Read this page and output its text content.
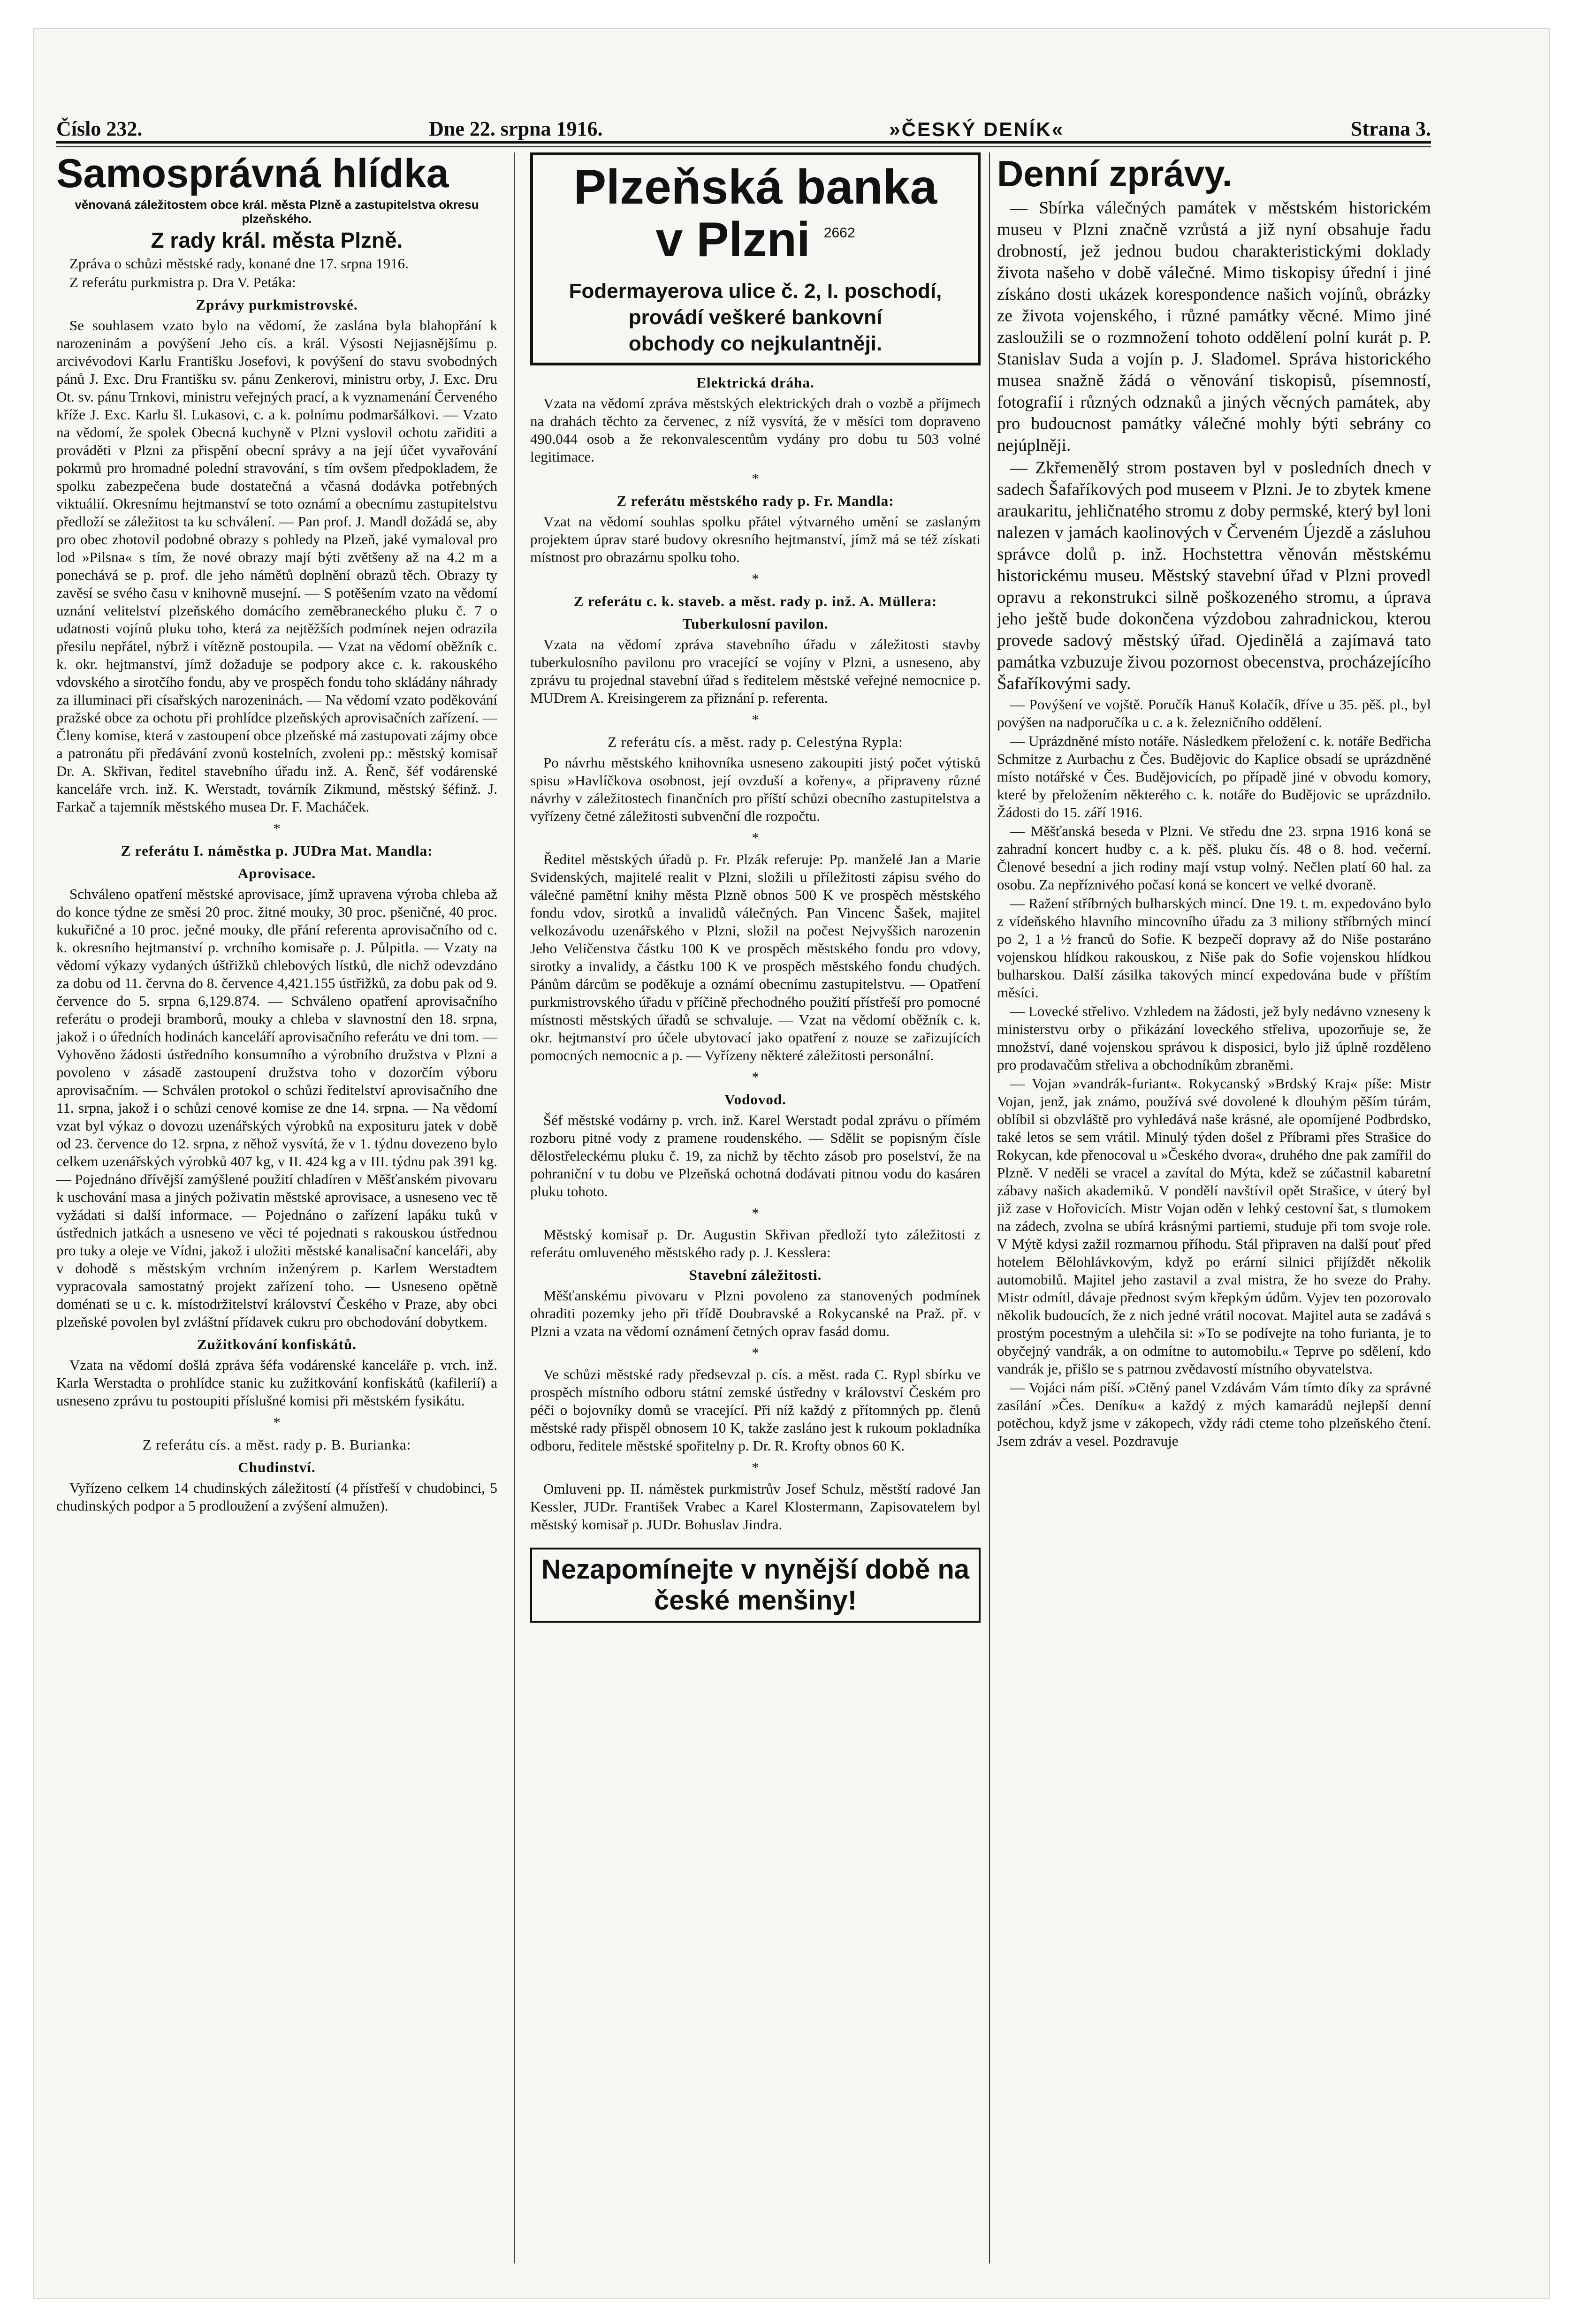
Číslo 232.	Dne 22. srpna 1916.	»ČESKÝ DENÍK«	Strana 3.
Samosprávná hlídka
věnovaná záležitostem obce král. města Plzně a zastupitelstva okresu plzeňského.
Z rady král. města Plzně.

Zpráva o schůzi městské rady, konané dne 17. srpna 1916.

Z referátu purkmistra p. Dra V. Petáka:

Zprávy purkmistrovské.

Se souhlasem vzato bylo na vědomí, že zaslána byla blahopřání k narozeninám a povýšení Jeho cís. a král. Výsosti Nejjasnějšímu p. arcivévodovi Karlu Františku Josefovi, k povýšení do stavu svobodných pánů J. Exc. Dru Františku sv. pánu Zenkerovi, ministru orby, J. Exc. Dru Ot. sv. pánu Trnkovi, ministru veřejných prací, a k vyznamenání Červeného kříže J. Exc. Karlu šl. Lukasovi, c. a k. polnímu podmaršálkovi. — Vzato na vědomí, že spolek Obecná kuchyně v Plzni vyslovil ochotu zařiditi a prováděti v Plzni za přispění obecní správy a na její účet vyvařování pokrmů pro hromadné polední stravování, s tím ovšem předpokladem, že spolku zabezpečena bude dostatečná a včasná dodávka potřebných viktuálií. Okresnímu hejtmanství se toto oznámí a obecnímu zastupitelstvu předloží se záležitost ta ku schválení. — Pan prof. J. Mandl dožádá se, aby pro obec zhotovil podobné obrazy s pohledy na Plzeň, jaké vymaloval pro lod »Pilsna« s tím, že nové obrazy mají býti zvětšeny až na 4.2 m a ponechává se p. prof. dle jeho námětů doplnění obrazů těch. Obrazy ty zavěsí se svého času v knihovně musejní. — S potěšením vzato na vědomí uznání velitelství plzeňského domácího zeměbraneckého pluku č. 7 o udatnosti vojínů pluku toho, která za nejtěžších podmínek nejen odrazila přesilu nepřátel, nýbrž i vítězně postoupila. — Vzat na vědomí oběžník c. k. okr. hejtmanství, jímž dožaduje se podpory akce c. k. rakouského vdovského a sirotčího fondu, aby ve prospěch fondu toho skládány náhrady za illuminaci při císařských narozeninách. — Na vědomí vzato poděkování pražské obce za ochotu při prohlídce plzeňských aprovisačních zařízení. — Členy komise, která v zastoupení obce plzeňské má zastupovati zájmy obce a patronátu při předávání zvonů kostelních, zvoleni pp.: městský komisař Dr. A. Skřivan, ředitel stavebního úřadu inž. A. Řenč, šéf vodárenské kanceláře vrch. inž. K. Werstadt, továrník Zikmund, městský šéfinž. J. Farkač a tajemník městského musea Dr. F. Macháček.

*
Z referátu I. náměstka p. JUDra Mat. Mandla:
Aprovisace.

Schváleno opatření městské aprovisace, jímž upravena výroba chleba až do konce týdne ze směsi 20 proc. žitné mouky, 30 proc. pšeničné, 40 proc. kukuřičné a 10 proc. ječné mouky, dle přání referenta aprovisačního od c. k. okresního hejtmanství p. vrchního komisaře p. J. Půlpitla. — Vzaty na vědomí výkazy vydaných úštřižků chlebových lístků, dle nichž odevzdáno za dobu od 11. června do 8. července 4,421.155 ústřižků, za dobu pak od 9. července do 5. srpna 6,129.874. — Schváleno opatření aprovisačního referátu o prodeji bramborů, mouky a chleba v slavnostní den 18. srpna, jakož i o úředních hodinách kanceláří aprovisačního referátu ve dni tom. — Vyhověno žádosti ústředního konsumního a výrobního družstva v Plzni a povoleno v zásadě zastoupení družstva toho v dozorčím výboru aprovisačním. — Schválen protokol o schůzi ředitelství aprovisačního dne 11. srpna, jakož i o schůzi cenové komise ze dne 14. srpna. — Na vědomí vzat byl výkaz o dovozu uzenářských výrobků na exposituru jatek v době od 23. července do 12. srpna, z něhož vysvítá, že v 1. týdnu dovezeno bylo celkem uzenářských výrobků 407 kg, v II. 424 kg a v III. týdnu pak 391 kg. — Pojednáno dřívější zamýšlené použití chladíren v Měšťanském pivovaru k uschování masa a jiných poživatin městské aprovisace, a usneseno vec tě vyžádati si další informace. — Pojednáno o zařízení lapáku tuků v ústřednich jatkách a usneseno ve věci té pojednati s rakouskou ústřednou pro tuky a oleje ve Vídni, jakož i uložiti městské kanalisační kanceláři, aby v dohodě s městským vrchním inženýrem p. Karlem Werstadtem vypracovala samostatný projekt zařízení toho. — Usneseno opětně doménati se u c. k. místodržitelství království Českého v Praze, aby obci plzeňské povolen byl zvláštní přídavek cukru pro obchodování dobytkem.

Zužitkování konfiskátů.

Vzata na vědomí došlá zpráva šéfa vodárenské kanceláře p. vrch. inž. Karla Werstadta o prohlídce stanic ku zužitkování konfiskátů (kafilerií) a usneseno zprávu tu postoupiti příslušné komisi při městském fysikátu.

*
Z referátu cís. a měst. rady p. B. Burianka:
Chudinství.

Vyřízeno celkem 14 chudinských záležitostí (4 přístřeší v chudobinci, 5 chudinských podpor a 5 prodloužení a zvýšení almužen).

Plzeňská banka
v Plzni $^{2662}$
Fodermayerova ulice č. 2, I. poschodí,
provádí veškeré bankovní
obchody co nejkulantněji.
Elektrická dráha.

Vzata na vědomí zpráva městských elektrických drah o vozbě a příjmech na drahách těchto za červenec, z níž vysvítá, že v měsíci tom dopraveno 490.044 osob a že rekonvalescentům vydány pro dobu tu 503 volné legitimace.

*
Z referátu městského rady p. Fr. Mandla:

Vzat na vědomí souhlas spolku přátel výtvarného umění se zaslaným projektem úprav staré budovy okresního hejtmanství, jímž má se též získati místnost pro obrazárnu spolku toho.

*
Z referátu c. k. staveb. a měst. rady p. inž. A. Müllera:
Tuberkulosní pavilon.

Vzata na vědomí zpráva stavebního úřadu v záležitosti stavby tuberkulosního pavilonu pro vracející se vojíny v Plzni, a usneseno, aby zprávu tu projednal stavební úřad s ředitelem městské veřejné nemocnice p. MUDrem A. Kreisingerem za přiznání p. referenta.

*
Z referátu cís. a měst. rady p. Celestýna Rypla:

Po návrhu městského knihovníka usneseno zakoupiti jistý počet výtisků spisu »Havlíčkova osobnost, její ovzduší a kořeny«, a připraveny různé návrhy v záležitostech finančních pro příští schůzi obecního zastupitelstva a vyřízeny četné záležitosti subvenční dle rozpočtu.

*

Ředitel městských úřadů p. Fr. Plzák referuje: Pp. manželé Jan a Marie Svidenských, majitelé realit v Plzni, složili u příležitosti zápisu svého do válečné pamětní knihy města Plzně obnos 500 K ve prospěch městského fondu vdov, sirotků a invalidů válečných. Pan Vincenc Šašek, majitel velkozávodu uzenářského v Plzni, složil na počest Nejvyššich narozenin Jeho Veličenstva částku 100 K ve prospěch městského fondu pro vdovy, sirotky a invalidy, a částku 100 K ve prospěch městského fondu chudých. Pánům dárcům se poděkuje a oznámí obecnímu zastupitelstvu. — Opatření purkmistrovského úřadu v příčině přechodného použití přístřeší pro pomocné místnosti městských úřadů se schvaluje. — Vzat na vědomí oběžník c. k. okr. hejtmanství pro účele ubytovací jako opatření z nouze se zařizujících pomocných nemocnic a p. — Vyřízeny některé záležitosti personální.

*
Vodovod.

Šéf městské vodárny p. vrch. inž. Karel Werstadt podal zprávu o přímém rozboru pitné vody z pramene roudenského. — Sdělit se popisným čísle dělostřeleckému pluku č. 19, za nichž by těchto zásob pro poselství, že na pohraniční v tu dobu ve Plzeňská ochotná dodávati pitnou vodu do kasáren pluku tohoto.

*

Městský komisař p. Dr. Augustin Skřivan předloží tyto záležitosti z referátu omluveného městského rady p. J. Kesslera:

Stavební záležitosti.

Měšťanskému pivovaru v Plzni povoleno za stanovených podmínek ohraditi pozemky jeho při třídě Doubravské a Rokycanské na Praž. př. v Plzni a vzata na vědomí oznámení četných oprav fasád domu.

*

Ve schůzi městské rady předsevzal p. cís. a měst. rada C. Rypl sbírku ve prospěch místního odboru státní zemské ústředny v království Českém pro péči o bojovníky domů se vracející. Při níž každý z přítomných pp. členů městské rady přispěl obnosem 10 K, takže zasláno jest k rukoum pokladníka odboru, ředitele městské spořitelny p. Dr. R. Krofty obnos 60 K.

*

Omluveni pp. II. náměstek purkmistrův Josef Schulz, městští radové Jan Kessler, JUDr. František Vrabec a Karel Klostermann, Zapisovatelem byl městský komisař p. JUDr. Bohuslav Jindra.

Nezapomínejte v nynější době na české menšiny!
Denní zprávy.

— Sbírka válečných památek v městském historickém museu v Plzni značně vzrůstá a již nyní obsahuje řadu drobností, jež jednou budou charakteristickými doklady života našeho v době válečné. Mimo tiskopisy úřední i jiné získáno dosti ukázek korespondence našich vojínů, obrázky ze života vojenského, i různé památky věcné. Mimo jiné zasloužili se o rozmnožení tohoto oddělení polní kurát p. P. Stanislav Suda a vojín p. J. Sladomel. Správa historického musea snažně žádá o věnování tiskopisů, písemností, fotografií i různých odznaků a jiných věcných památek, aby pro budoucnost památky válečné mohly býti sebrány co nejúplněji.

— Zkřemenělý strom postaven byl v posledních dnech v sadech Šafaříkových pod museem v Plzni. Je to zbytek kmene araukaritu, jehličnatého stromu z doby permské, který byl loni nalezen v jamách kaolinových v Červeném Újezdě a zásluhou správce dolů p. inž. Hochstettra věnován městskému historickému museu. Městský stavební úřad v Plzni provedl opravu a rekonstrukci silně poškozeného stromu, a úprava jeho ještě bude dokončena výzdobou zahradnickou, kterou provede sadový městský úřad. Ojedinělá a zajímavá tato památka vzbuzuje živou pozornost obecenstva, procházejícího Šafaříkovými sady.

— Povýšení ve vojště. Poručík Hanuš Kolačík, dříve u 35. pěš. pl., byl povýšen na nadporučíka u c. a k. železničního oddělení.

— Uprázdněné místo notáře. Následkem přeložení c. k. notáře Bedřicha Schmitze z Aurbachu z Čes. Budějovic do Kaplice obsadí se uprázdněné místo notářské v Čes. Budějovicích, po případě jiné v obvodu komory, které by přeložením některého c. k. notáře do Budějovic se uprázdnilo. Žádosti do 15. září 1916.

— Měšťanská beseda v Plzni. Ve středu dne 23. srpna 1916 koná se zahradní koncert hudby c. a k. pěš. pluku čís. 48 o 8. hod. večerní. Členové besední a jich rodiny mají vstup volný. Nečlen platí 60 hal. za osobu. Za nepříznivého počasí koná se koncert ve velké dvoraně.

— Ražení stříbrných bulharských mincí. Dne 19. t. m. expedováno bylo z vídeňského hlavního mincovního úřadu za 3 miliony stříbrných mincí po 2, 1 a ½ franců do Sofie. K bezpečí dopravy až do Niše postaráno vojenskou hlídkou rakouskou, z Niše pak do Sofie vojenskou hlídkou bulharskou. Další zásilka takových mincí expedována bude v příštím měsíci.

— Lovecké střelivo. Vzhledem na žádosti, jež byly nedávno vzneseny k ministerstvu orby o přikázání loveckého střeliva, upozorňuje se, že množství, dané vojenskou správou k disposici, bylo již úplně rozděleno pro prodavačům střeliva a obchodníkům zbraněmi.

— Vojan »vandrák-furiant«. Rokycanský »Brdský Kraj« píše: Mistr Vojan, jenž, jak známo, používá své dovolené k dlouhým pěším túrám, oblíbil si obzvláště pro vyhledává naše krásné, ale opomíjené Podbrdsko, také letos se sem vrátil. Minulý týden došel z Příbrami přes Strašice do Rokycan, kde přenocoval u »Českého dvora«, druhého dne pak zamířil do Plzně. V neděli se vracel a zavítal do Mýta, kdež se zúčastnil kabaretní zábavy našich akademiků. V pondělí navštívil opět Strašice, v úterý byl již zase v Hořovicích. Mistr Vojan oděn v lehký cestovní šat, s tlumokem na zádech, zvolna se ubírá krásnými partiemi, studuje při tom svoje role. V Mýtě kdysi zažil rozmarnou příhodu. Stál připraven na další pouť před hotelem Bělohlávkovým, když po erární silnici přijíždět několik automobilů. Majitel jeho zastavil a zval mistra, že ho sveze do Prahy. Mistr odmítl, dávaje přednost svým křepkým údům. Vyjev ten pozorovalo několik budoucích, že z nich jedné vrátil nocovat. Majitel auta se zadává s prostým pocestným a ulehčila si: »To se podívejte na toho furianta, je to obyčejný vandrák, a on odmítne to automobilu.« Teprve po sdělení, kdo vandrák je, přišlo se s patrnou zvědavostí místního obyvatelstva.

— Vojáci nám píší. »Ctěný panel Vzdávám Vám tímto díky za správné zasílání »Čes. Deníku« a každý z mých kamarádů nejlepší denní potěchou, když jsme v zákopech, vždy rádi cteme toho plzeňského čtení. Jsem zdráv a vesel. Pozdravuje
